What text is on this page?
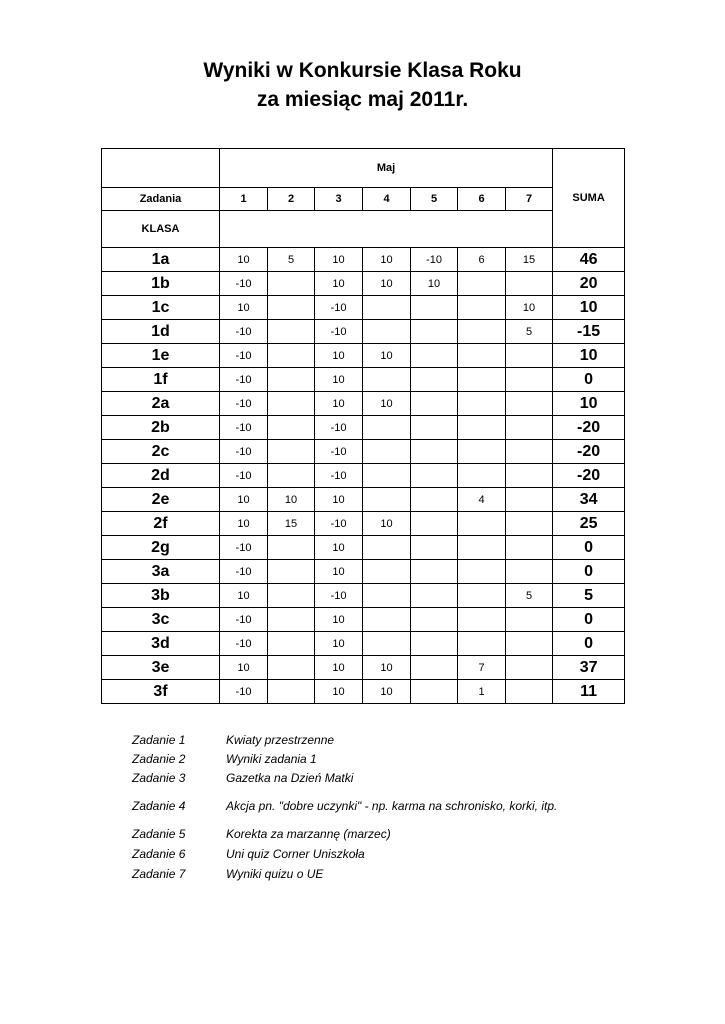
Wyniki w Konkursie Klasa Roku
za miesiąc maj 2011r.
	Maj							SUMA
Zadania	1	2	3	4	5	6	7	
KLASA								
1a	10	5	10	10	-10	6	15	46
1b	-10		10	10	10			20
1c	10		-10				10	10
1d	-10		-10				5	-15
1e	-10		10	10				10
1f	-10		10					0
2a	-10		10	10				10
2b	-10		-10					-20
2c	-10		-10					-20
2d	-10		-10					-20
2e	10	10	10			4		34
2f	10	15	-10	10				25
2g	-10		10					0
3a	-10		10					0
3b	10		-10				5	5
3c	-10		10					0
3d	-10		10					0
3e	10		10	10		7		37
3f	-10		10	10		1		11
Zadanie 1	Kwiaty przestrzenne
Zadanie 2	Wyniki zadania 1
Zadanie 3	Gazetka na Dzień Matki
Zadanie 4	Akcja pn. "dobre uczynki" - np. karma na schronisko, korki, itp.
Zadanie 5	Korekta za marzannę (marzec)
Zadanie 6	Uni quiz Corner Uniszkoła
Zadanie 7	Wyniki quizu o UE
